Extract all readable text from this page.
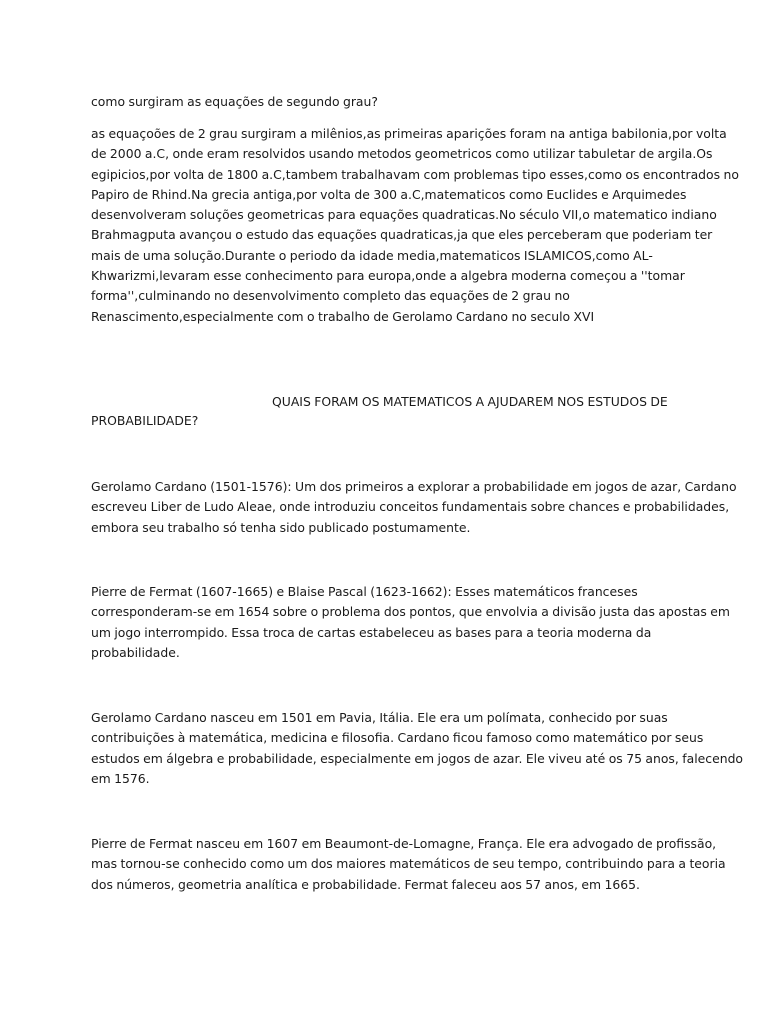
como surgiram as equações de segundo grau?

as equaçoões de 2 grau surgiram a milênios,as primeiras aparições foram na antiga babilonia,por volta
de 2000 a.C, onde eram resolvidos usando metodos geometricos como utilizar tabuletar de argila.Os
egipicios,por volta de 1800 a.C,tambem trabalhavam com problemas tipo esses,como os encontrados no
Papiro de Rhind.Na grecia antiga,por volta de 300 a.C,matematicos como Euclides e Arquimedes
desenvolveram soluções geometricas para equações quadraticas.No século VII,o matematico indiano
Brahmagputa avançou o estudo das equações quadraticas,ja que eles perceberam que poderiam ter
mais de uma solução.Durante o periodo da idade media,matematicos ISLAMICOS,como AL-
Khwarizmi,levaram esse conhecimento para europa,onde a algebra moderna começou a ''tomar
forma'',culminando no desenvolvimento completo das equações de 2 grau no
Renascimento,especialmente com o trabalho de Gerolamo Cardano no seculo XVI

QUAIS FORAM OS MATEMATICOS A AJUDAREM NOS ESTUDOS DE

PROBABILIDADE?

Gerolamo Cardano (1501-1576): Um dos primeiros a explorar a probabilidade em jogos de azar, Cardano
escreveu Liber de Ludo Aleae, onde introduziu conceitos fundamentais sobre chances e probabilidades,
embora seu trabalho só tenha sido publicado postumamente.

Pierre de Fermat (1607-1665) e Blaise Pascal (1623-1662): Esses matemáticos franceses
corresponderam-se em 1654 sobre o problema dos pontos, que envolvia a divisão justa das apostas em
um jogo interrompido. Essa troca de cartas estabeleceu as bases para a teoria moderna da
probabilidade.

Gerolamo Cardano nasceu em 1501 em Pavia, Itália. Ele era um polímata, conhecido por suas
contribuições à matemática, medicina e filosofia. Cardano ficou famoso como matemático por seus
estudos em álgebra e probabilidade, especialmente em jogos de azar. Ele viveu até os 75 anos, falecendo
em 1576.

Pierre de Fermat nasceu em 1607 em Beaumont-de-Lomagne, França. Ele era advogado de profissão,
mas tornou-se conhecido como um dos maiores matemáticos de seu tempo, contribuindo para a teoria
dos números, geometria analítica e probabilidade. Fermat faleceu aos 57 anos, em 1665.
